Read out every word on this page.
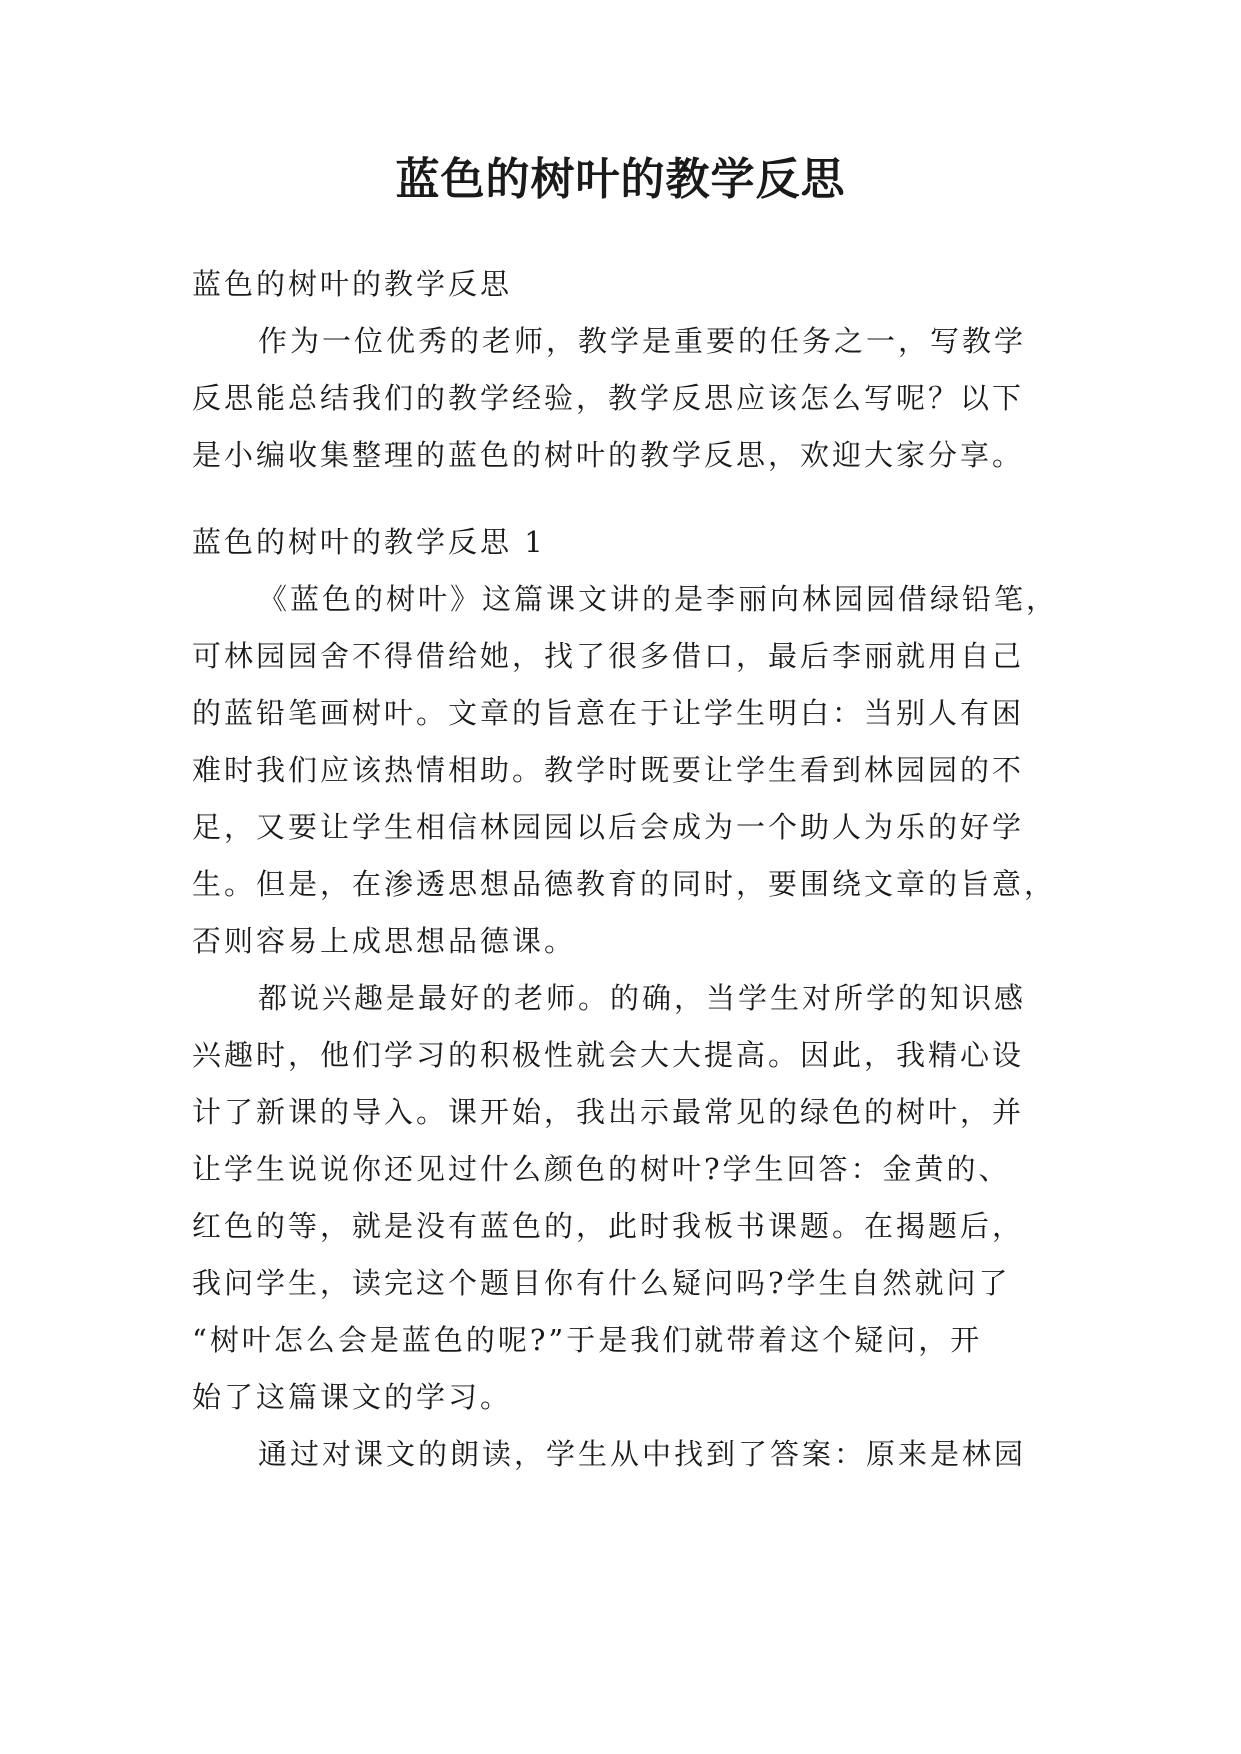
蓝色的树叶的教学反思
蓝色的树叶的教学反思
作为一位优秀的老师，教学是重要的任务之一，写教学
反思能总结我们的教学经验，教学反思应该怎么写呢？以下
是小编收集整理的蓝色的树叶的教学反思，欢迎大家分享。
蓝色的树叶的教学反思 1
《蓝色的树叶》这篇课文讲的是李丽向林园园借绿铅笔，
可林园园舍不得借给她，找了很多借口，最后李丽就用自己
的蓝铅笔画树叶。文章的旨意在于让学生明白：当别人有困
难时我们应该热情相助。教学时既要让学生看到林园园的不
足，又要让学生相信林园园以后会成为一个助人为乐的好学
生。但是，在渗透思想品德教育的同时，要围绕文章的旨意，
否则容易上成思想品德课。
都说兴趣是最好的老师。的确，当学生对所学的知识感
兴趣时，他们学习的积极性就会大大提高。因此，我精心设
计了新课的导入。课开始，我出示最常见的绿色的树叶，并
让学生说说你还见过什么颜色的树叶?学生回答：金黄的、
红色的等，就是没有蓝色的，此时我板书课题。在揭题后，
我问学生，读完这个题目你有什么疑问吗?学生自然就问了
“树叶怎么会是蓝色的呢?”于是我们就带着这个疑问，开
始了这篇课文的学习。
通过对课文的朗读，学生从中找到了答案：原来是林园
